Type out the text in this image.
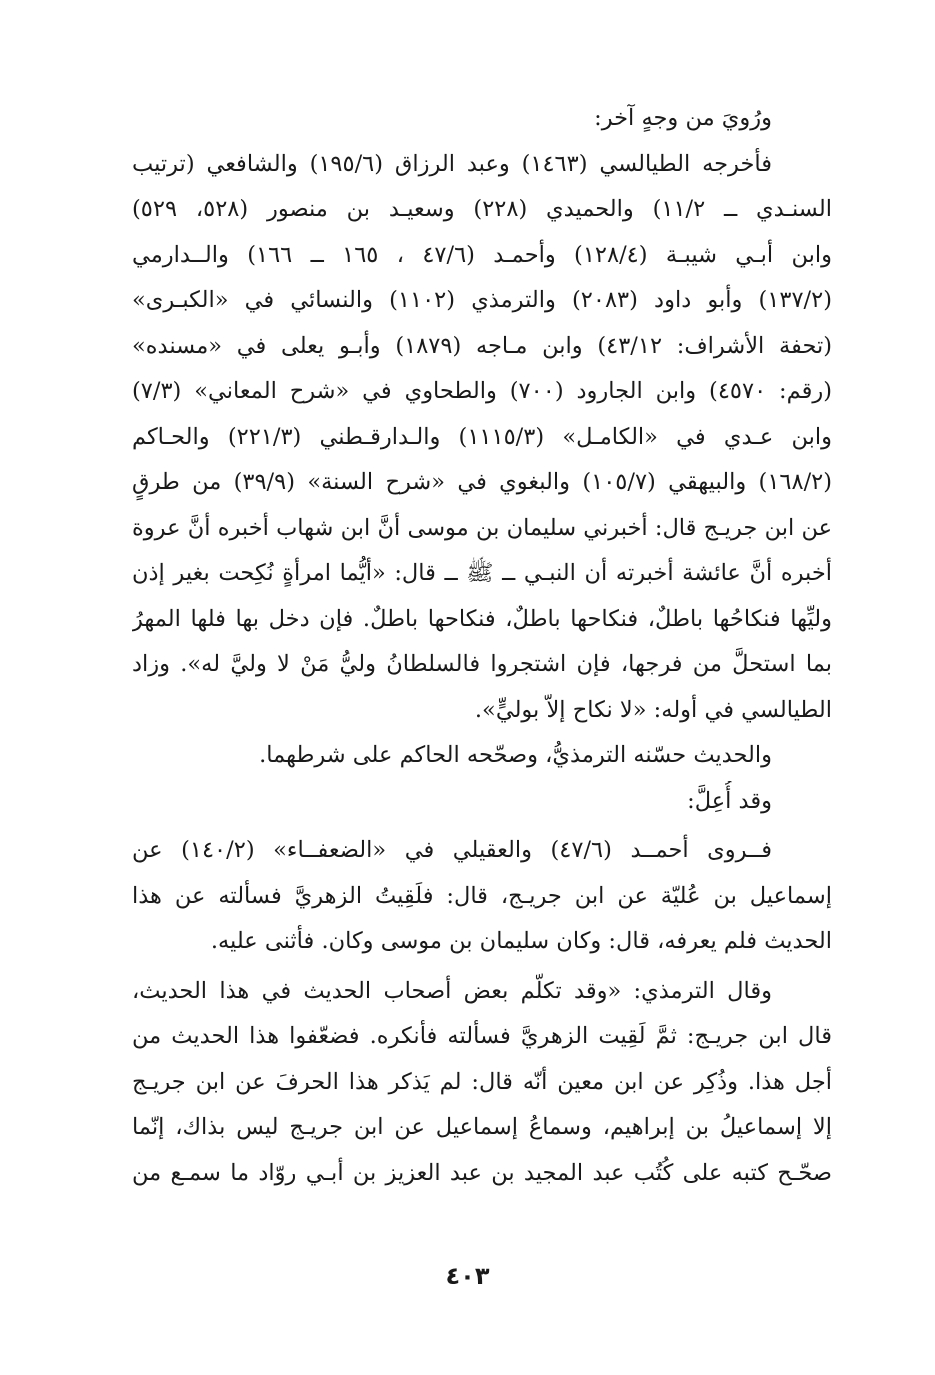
ورُويَ من وجهٍ آخر:
فأخرجه الطيالسي (١٤٦٣) وعبد الرزاق (١٩٥/٦) والشافعي (ترتيب
السنـدي ــ ١١/٢) والحميدي (٢٢٨) وسعيـد بن منصور (٥٢٨، ٥٢٩)
وابن أبـي شيبـة (١٢٨/٤) وأحمـد (٤٧/٦ ، ١٦٥ ــ ١٦٦) والــدارمي
(١٣٧/٢) وأبو داود (٢٠٨٣) والترمذي (١١٠٢) والنسائي في «الكبـرى»
(تحفة الأشراف: ٤٣/١٢) وابن مـاجه (١٨٧٩) وأبـو يعلى في «مسنده»
(رقم: ٤٥٧٠) وابن الجارود (٧٠٠) والطحاوي في «شرح المعاني» (٧/٣)
وابن عـدي في «الكامـل» (١١١٥/٣) والـدارقـطني (٢٢١/٣) والحـاكم
(١٦٨/٢) والبيهقي (١٠٥/٧) والبغوي في «شرح السنة» (٣٩/٩) من طرقٍ
عن ابن جريـج قال: أخبرني سليمان بن موسى أنَّ ابن شهاب أخبره أنَّ عروة
أخبره أنَّ عائشة أخبرته أن النبـي ــ ﷺ ــ قال: «أيُّما امرأةٍ نُكِحت بغير إذن
وليِّها فنكاحُها باطلٌ، فنكاحها باطلٌ، فنكاحها باطلٌ. فإن دخل بها فلها المهرُ
بما استحلَّ من فرجها، فإن اشتجروا فالسلطانُ وليُّ مَنْ لا وليَّ له». وزاد
الطيالسي في أوله: «لا نكاح إلاّ بوليٍّ».
والحديث حسّنه الترمذيُّ، وصحّحه الحاكم على شرطهما.
وقد أُعِلَّ:
فــروى أحمــد (٤٧/٦) والعقيلي في «الضعفــاء» (١٤٠/٢) عن
إسماعيل بن عُليّة عن ابن جريـج، قال: فلَقِيتُ الزهريَّ فسألته عن هذا
الحديث فلم يعرفه، قال: وكان سليمان بن موسى وكان. فأثنى عليه.
وقال الترمذي: «وقد تكلّم بعض أصحاب الحديث في هذا الحديث،
قال ابن جريـج: ثمَّ لَقِيت الزهريَّ فسألته فأنكره. فضعّفوا هذا الحديث من
أجل هذا. وذُكِر عن ابن معين أنّه قال: لم يَذكر هذا الحرفَ عن ابن جريـج
إلا إسماعيلُ بن إبراهيم، وسماعُ إسماعيل عن ابن جريـج ليس بذاك، إنّما
صحّـح كتبه على كُتُب عبد المجيد بن عبد العزيز بن أبـي روّاد ما سمـع من
٤٠٣
